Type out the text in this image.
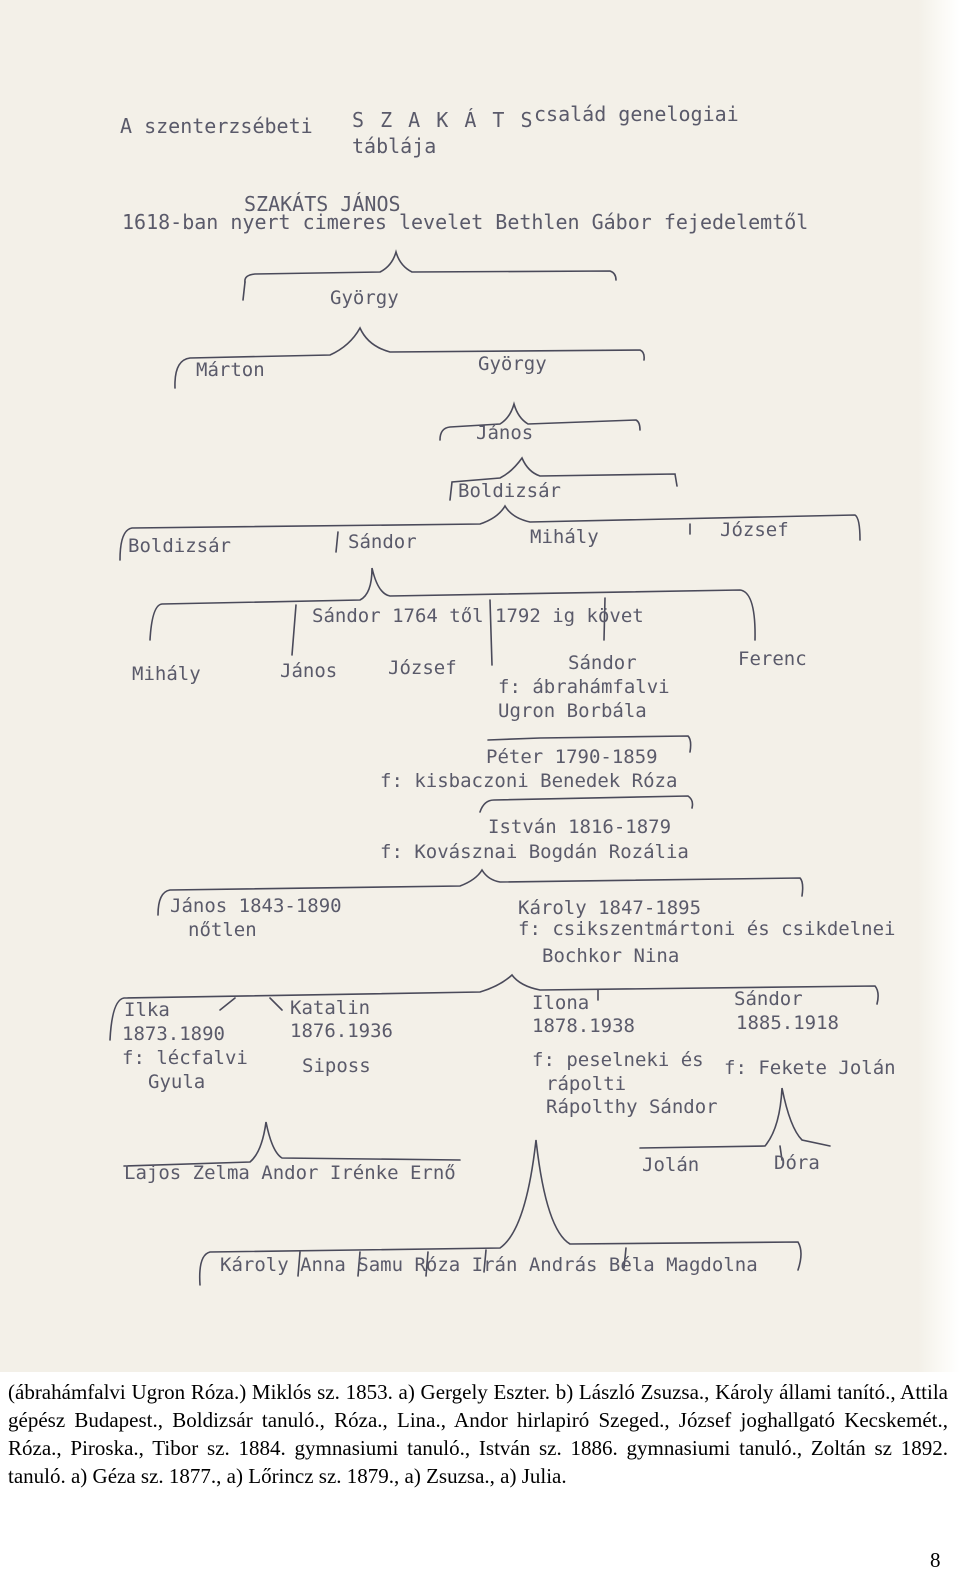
A szenterzsébeti S Z A K Á T S család genelogiai
táblája
SZAKÁTS JÁNOS
1618-ban nyert cimeres levelet Bethlen Gábor fejedelemtől
György
Márton	György
János
Boldizsár
Boldizsár	Sándor	Mihály	József
Sándor 1764 től 1792 ig követ
Mihály	János	József	Sándor
f: ábrahámfalvi
Ugron Borbála
Ferenc
Péter 1790-1859
f: kisbaczoni Benedek Róza
István 1816-1879
f: Kovásznai Bogdán Rozália
János 1843-1890
nőtlen
Károly 1847-1895
f: csikszentmártoni és csikdelnei
Bochkor Nina
Ilka
1873.1890
f: lécfalvi
Gyula
Katalin
1876.1936
Siposs
Ilona
1878.1938
f: peselneki és
rápolti
Rápolthy Sándor
Sándor
1885.1918
f: Fekete Jolán
Lajos Zelma Andor Irénke Ernő	Jolán	Dóra
Károly Anna Samu Róza Irán András Béla Magdolna
(ábrahámfalvi Ugron Róza.) Miklós sz. 1853. a) Gergely Eszter. b) László Zsuzsa., Károly állami tanító., Attila gépész Budapest., Boldizsár tanuló., Róza., Lina., Andor hirlapiró Szeged., József joghallgató Kecskemét., Róza., Piroska., Tibor sz. 1884. gymnasiumi tanuló., István sz. 1886. gymnasiumi tanuló., Zoltán sz 1892. tanuló. a) Géza sz. 1877., a) Lőrincz sz. 1879., a) Zsuzsa., a) Julia.
8
